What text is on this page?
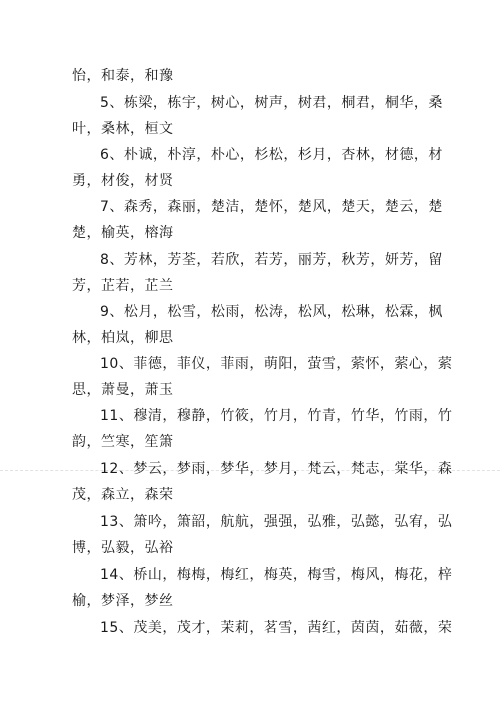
怡，和泰，和豫
5、栋梁，栋宇，树心，树声，树君，桐君，桐华，桑
叶，桑林，桓文
6、朴诚，朴淳，朴心，杉松，杉月，杏林，材德，材
勇，材俊，材贤
7、森秀，森丽，楚洁，楚怀，楚风，楚天，楚云，楚
楚，榆英，榕海
8、芳林，芳荃，若欣，若芳，丽芳，秋芳，妍芳，留
芳，芷若，芷兰
9、松月，松雪，松雨，松涛，松风，松琳，松霖，枫
林，柏岚，柳思
10、菲德，菲仪，菲雨，萌阳，萤雪，萦怀，萦心，萦
思，萧曼，萧玉
11、穆清，穆静，竹筱，竹月，竹青，竹华，竹雨，竹
韵，竺寒，笙箫
12、梦云，梦雨，梦华，梦月，梵云，梵志，棠华，森
茂，森立，森荣
13、箫吟，箫韶，航航，强强，弘雅，弘懿，弘宥，弘
博，弘毅，弘裕
14、桥山，梅梅，梅红，梅英，梅雪，梅风，梅花，梓
榆，梦泽，梦丝
15、茂美，茂才，茉莉，茗雪，茜红，茵茵，茹薇，荣
